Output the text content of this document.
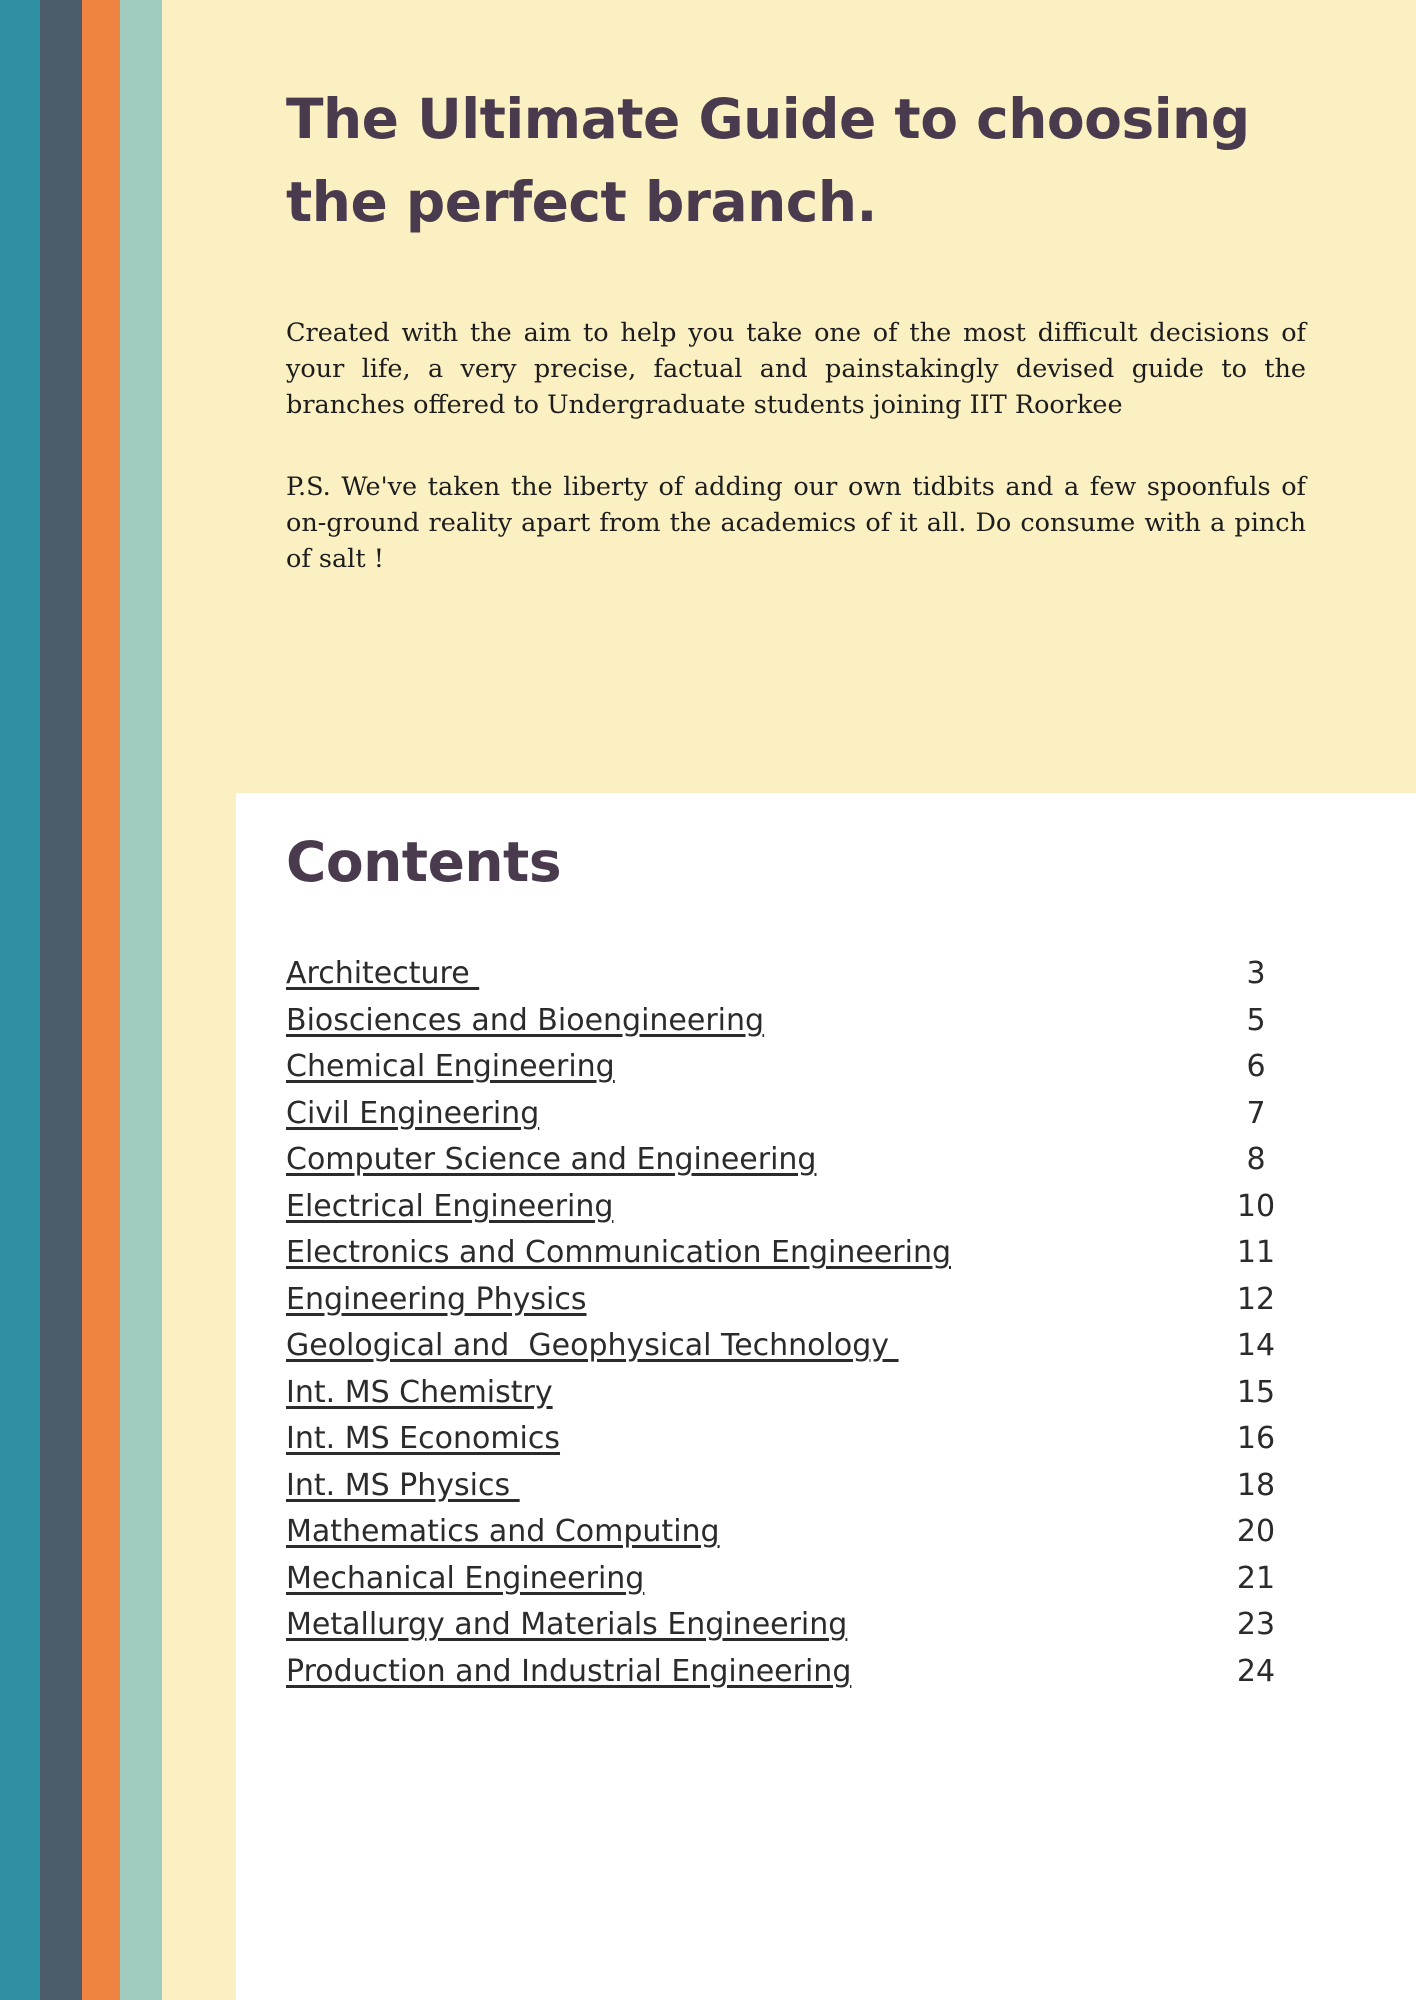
The Ultimate Guide to choosing the perfect branch.

Created with the aim to help you take one of the most difficult decisions of your life, a very precise, factual and painstakingly devised guide to the branches offered to Undergraduate students joining IIT Roorkee

P.S. We've taken the liberty of adding our own tidbits and a few spoonfuls of on-ground reality apart from the academics of it all. Do consume with a pinch of salt !

Contents
Architecture	3
Biosciences and Bioengineering	5
Chemical Engineering	6
Civil Engineering	7
Computer Science and Engineering	8
Electrical Engineering	10
Electronics and Communication Engineering	11
Engineering Physics	12
Geological and  Geophysical Technology	14
Int. MS Chemistry	15
Int. MS Economics	16
Int. MS Physics	18
Mathematics and Computing	20
Mechanical Engineering	21
Metallurgy and Materials Engineering	23
Production and Industrial Engineering	24
